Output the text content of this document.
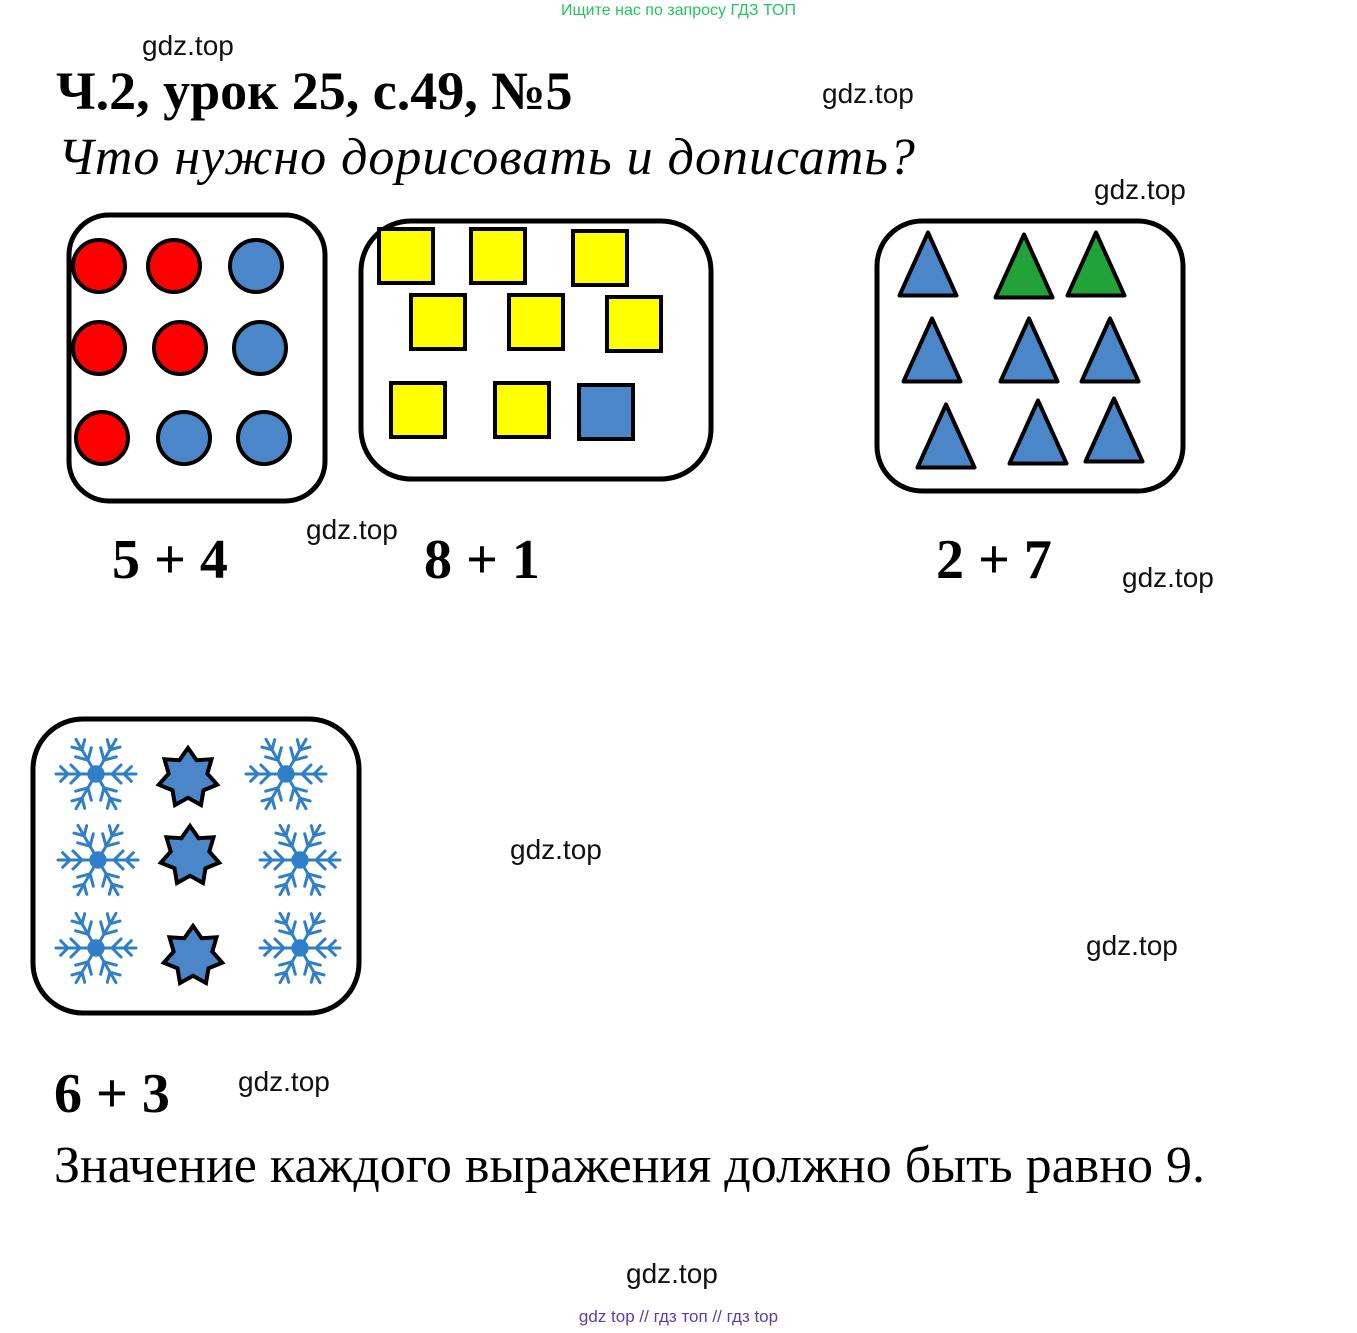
Ищите нас по запросу ГДЗ ТОП
gdz.top
gdz.top
gdz.top
gdz.top
gdz.top
gdz.top
gdz.top
gdz.top
gdz.top
Ч.2, урок 25, с.49, №5
Что нужно дорисовать и дописать?
5 + 4	8 + 1	2 + 7
6 + 3
Значение каждого выражения должно быть равно 9.
gdz top // гдз топ // гдз top
